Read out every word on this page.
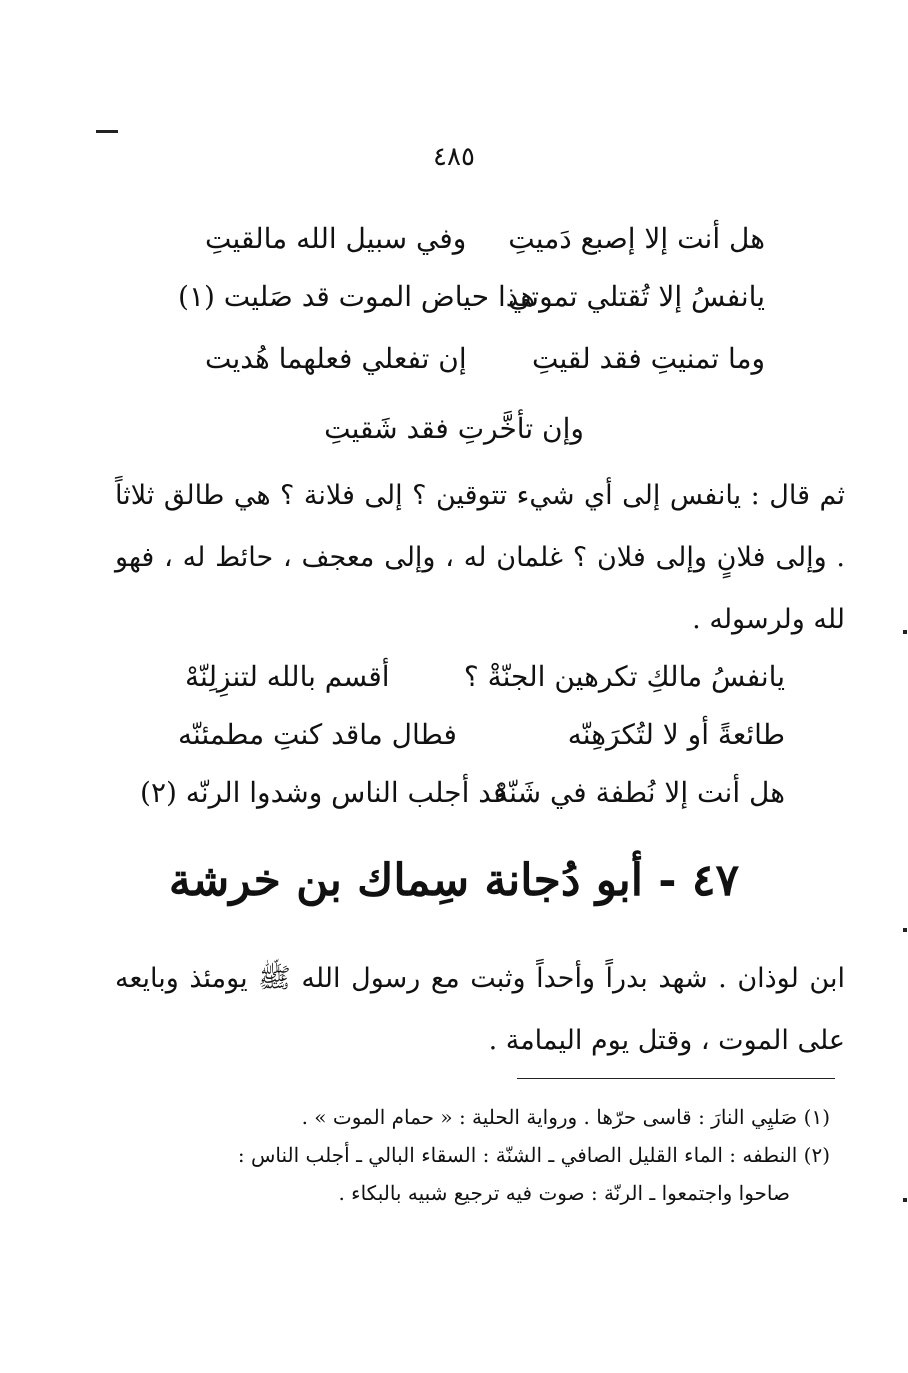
٤٨٥
هل أنت إلا إصبع دَميتِ
وفي سبيل الله مالقيتِ
يانفسُ إلا تُقتلي تموتي
هذا حياض الموت قد صَليت (١)
وما تمنيتِ فقد لقيتِ
إن تفعلي فعلهما هُديت
وإن تأخَّرتِ فقد شَقيتِ
ثم قال : يانفس إلى أي شيء تتوقين ؟ إلى فلانة ؟ هي طالق ثلاثاً . وإلى فلانٍ وإلى فلان ؟ غلمان له ، وإلى معجف ، حائط له ، فهو لله ولرسوله .
يانفسُ مالكِ تكرهين الجنّةْ ؟
أقسم بالله لتنزِلِنّهْ
طائعةً أو لا لتُكرَهِنّه
فطال ماقد كنتِ مطمئنّه
هل أنت إلا نُطفة في شَنّهْ
قد أجلب الناس وشدوا الرنّه (٢)
٤٧ - أبو دُجانة سِماك بن خرشة
ابن لوذان . شهد بدراً وأحداً وثبت مع رسول الله ﷺ يومئذ وبايعه على الموت ، وقتل يوم اليمامة .

(١) صَليِي النارَ : قاسى حرّها . ورواية الحلية : « حمام الموت » .

(٢) النطفه : الماء القليل الصافي ـ الشنّة : السقاء البالي ـ أجلب الناس :

صاحوا واجتمعوا ـ الرنّة : صوت فيه ترجيع شبيه بالبكاء .
